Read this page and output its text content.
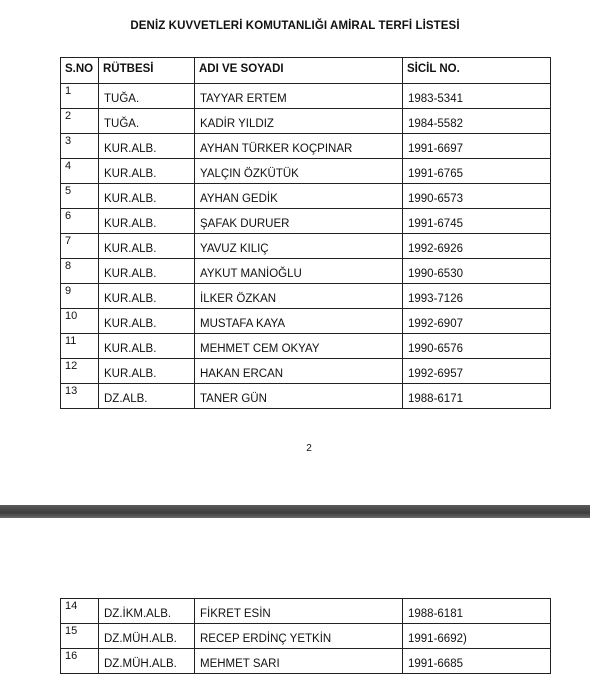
DENİZ KUVVETLERİ KOMUTANLIĞI AMİRAL TERFİ LİSTESİ
S.NO	RÜTBESİ	ADI VE SOYADI	SİCİL NO.
1	TUĞA.	TAYYAR ERTEM	1983-5341
2	TUĞA.	KADİR YILDIZ	1984-5582
3	KUR.ALB.	AYHAN TÜRKER KOÇPINAR	1991-6697
4	KUR.ALB.	YALÇIN ÖZKÜTÜK	1991-6765
5	KUR.ALB.	AYHAN GEDİK	1990-6573
6	KUR.ALB.	ŞAFAK DURUER	1991-6745
7	KUR.ALB.	YAVUZ KILIÇ	1992-6926
8	KUR.ALB.	AYKUT MANİOĞLU	1990-6530
9	KUR.ALB.	İLKER ÖZKAN	1993-7126
10	KUR.ALB.	MUSTAFA KAYA	1992-6907
11	KUR.ALB.	MEHMET CEM OKYAY	1990-6576
12	KUR.ALB.	HAKAN ERCAN	1992-6957
13	DZ.ALB.	TANER GÜN	1988-6171
2
14	DZ.İKM.ALB.	FİKRET ESİN	1988-6181
15	DZ.MÜH.ALB.	RECEP ERDİNÇ YETKİN	1991-6692)
16	DZ.MÜH.ALB.	MEHMET SARI	1991-6685
